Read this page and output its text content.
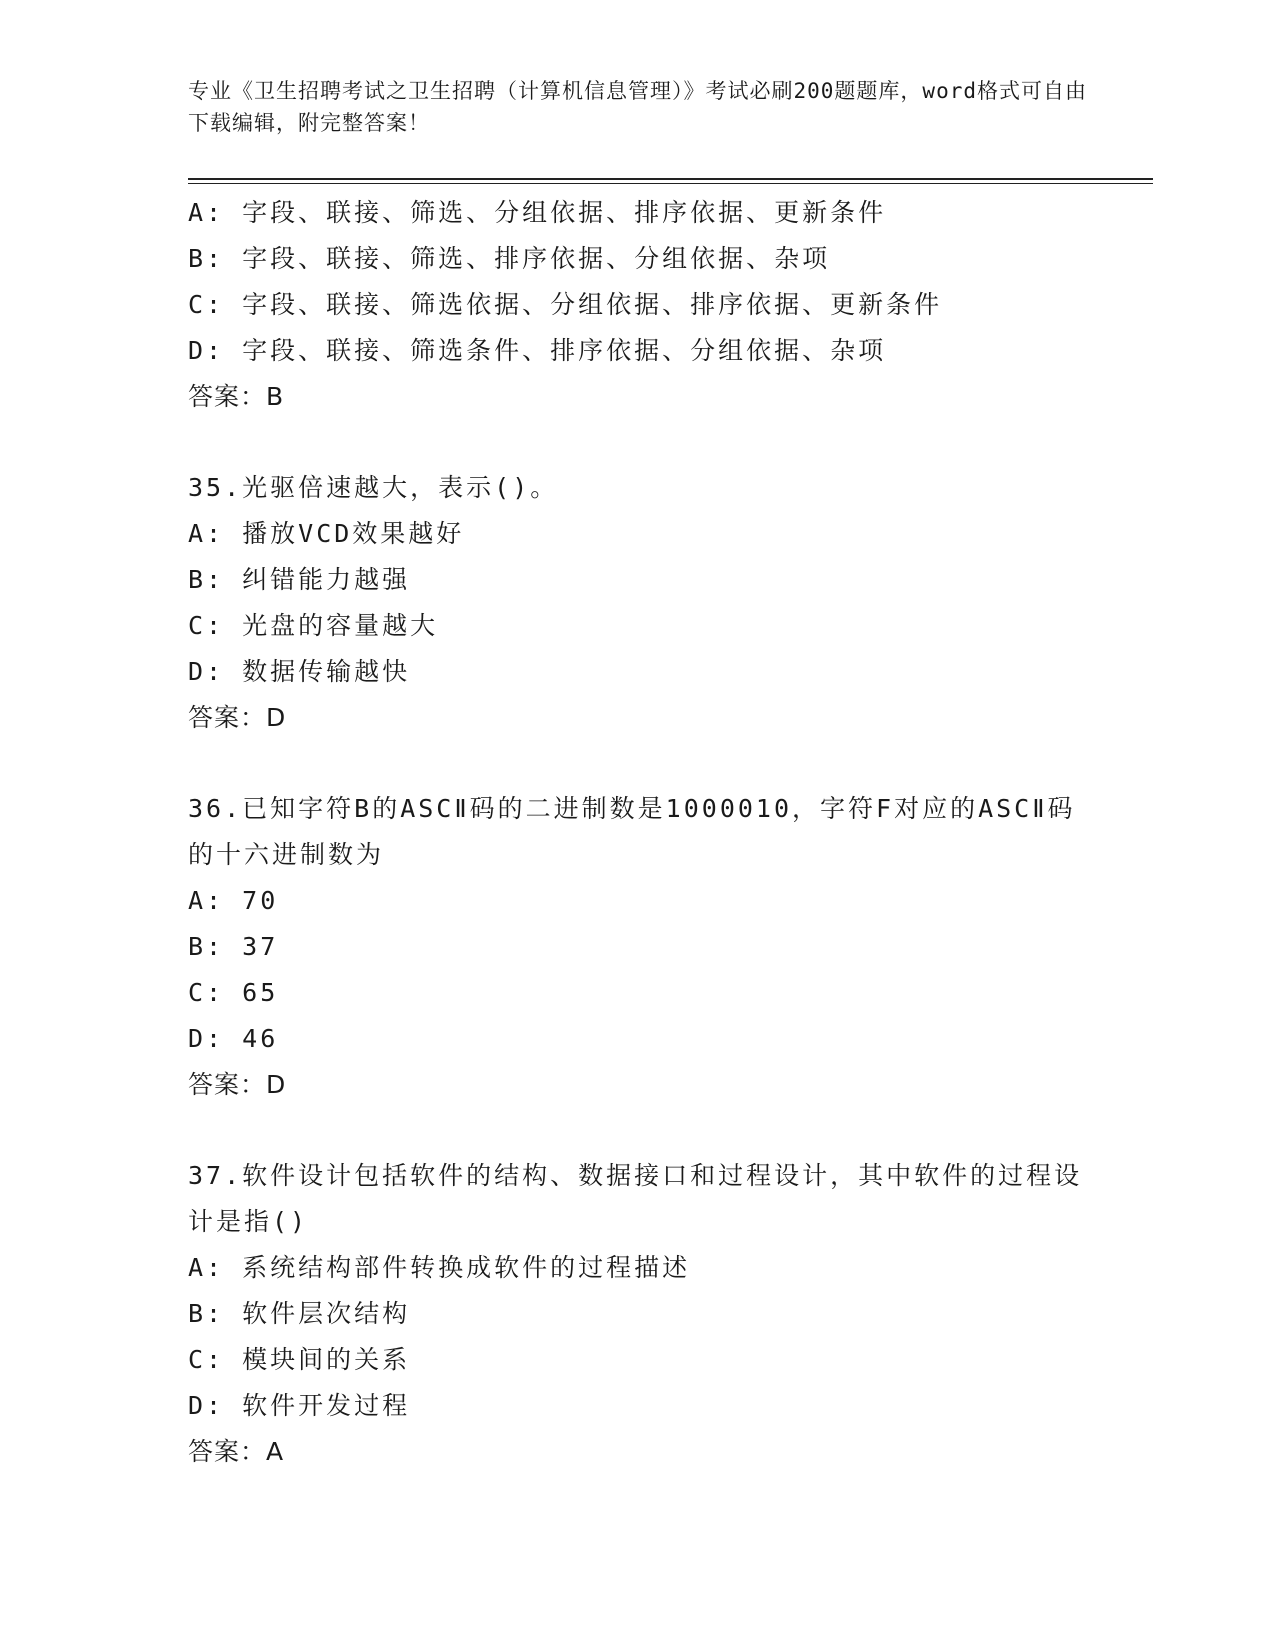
专业《卫生招聘考试之卫生招聘（计算机信息管理）》考试必刷200题题库，word格式可自由下载编辑，附完整答案！
A: 字段、联接、筛选、分组依据、排序依据、更新条件
B: 字段、联接、筛选、排序依据、分组依据、杂项
C: 字段、联接、筛选依据、分组依据、排序依据、更新条件
D: 字段、联接、筛选条件、排序依据、分组依据、杂项
答案：B
35.光驱倍速越大，表示()。
A: 播放VCD效果越好
B: 纠错能力越强
C: 光盘的容量越大
D: 数据传输越快
答案：D
36.已知字符B的ASCⅡ码的二进制数是1000010，字符F对应的ASCⅡ码的十六进制数为
A: 70
B: 37
C: 65
D: 46
答案：D
37.软件设计包括软件的结构、数据接口和过程设计，其中软件的过程设计是指()
A: 系统结构部件转换成软件的过程描述
B: 软件层次结构
C: 模块间的关系
D: 软件开发过程
答案：A
